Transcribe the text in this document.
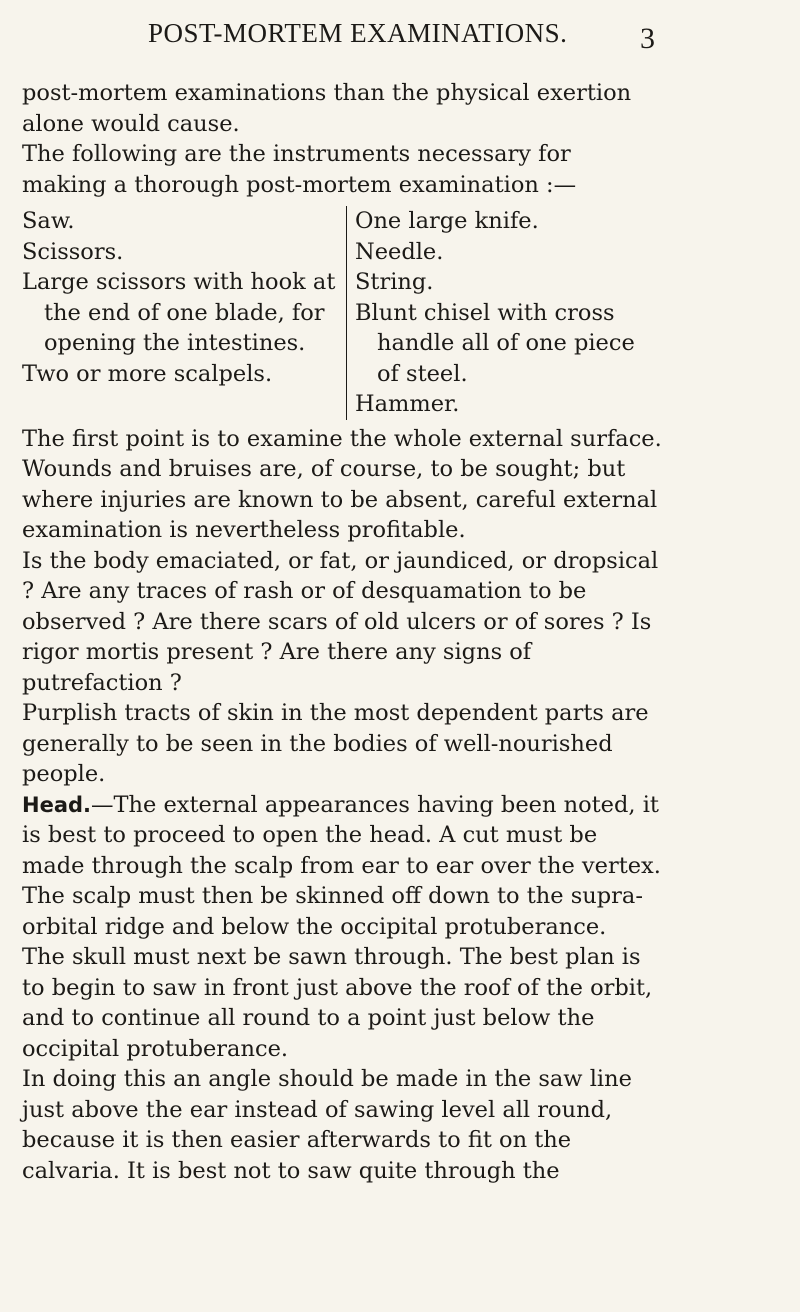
POST-MORTEM EXAMINATIONS. 3

post-mortem examinations than the physical exertion alone would cause.

The following are the instruments necessary for making a thorough post-mortem examination :—

Saw.
Scissors.
Large scissors with hook at the end of one blade, for opening the intestines.
Two or more scalpels.
One large knife.
Needle.
String.
Blunt chisel with cross handle all of one piece of steel.
Hammer.

The first point is to examine the whole external surface. Wounds and bruises are, of course, to be sought; but where injuries are known to be absent, careful external examination is nevertheless profitable.

Is the body emaciated, or fat, or jaundiced, or dropsical ? Are any traces of rash or of desquamation to be observed ? Are there scars of old ulcers or of sores ? Is rigor mortis present ? Are there any signs of putrefaction ?

Purplish tracts of skin in the most dependent parts are generally to be seen in the bodies of well-nourished people.

Head.—The external appearances having been noted, it is best to proceed to open the head. A cut must be made through the scalp from ear to ear over the vertex.

The scalp must then be skinned off down to the supra-orbital ridge and below the occipital protuberance.

The skull must next be sawn through. The best plan is to begin to saw in front just above the roof of the orbit, and to continue all round to a point just below the occipital protuberance.

In doing this an angle should be made in the saw line just above the ear instead of sawing level all round, because it is then easier afterwards to fit on the calvaria. It is best not to saw quite through the
